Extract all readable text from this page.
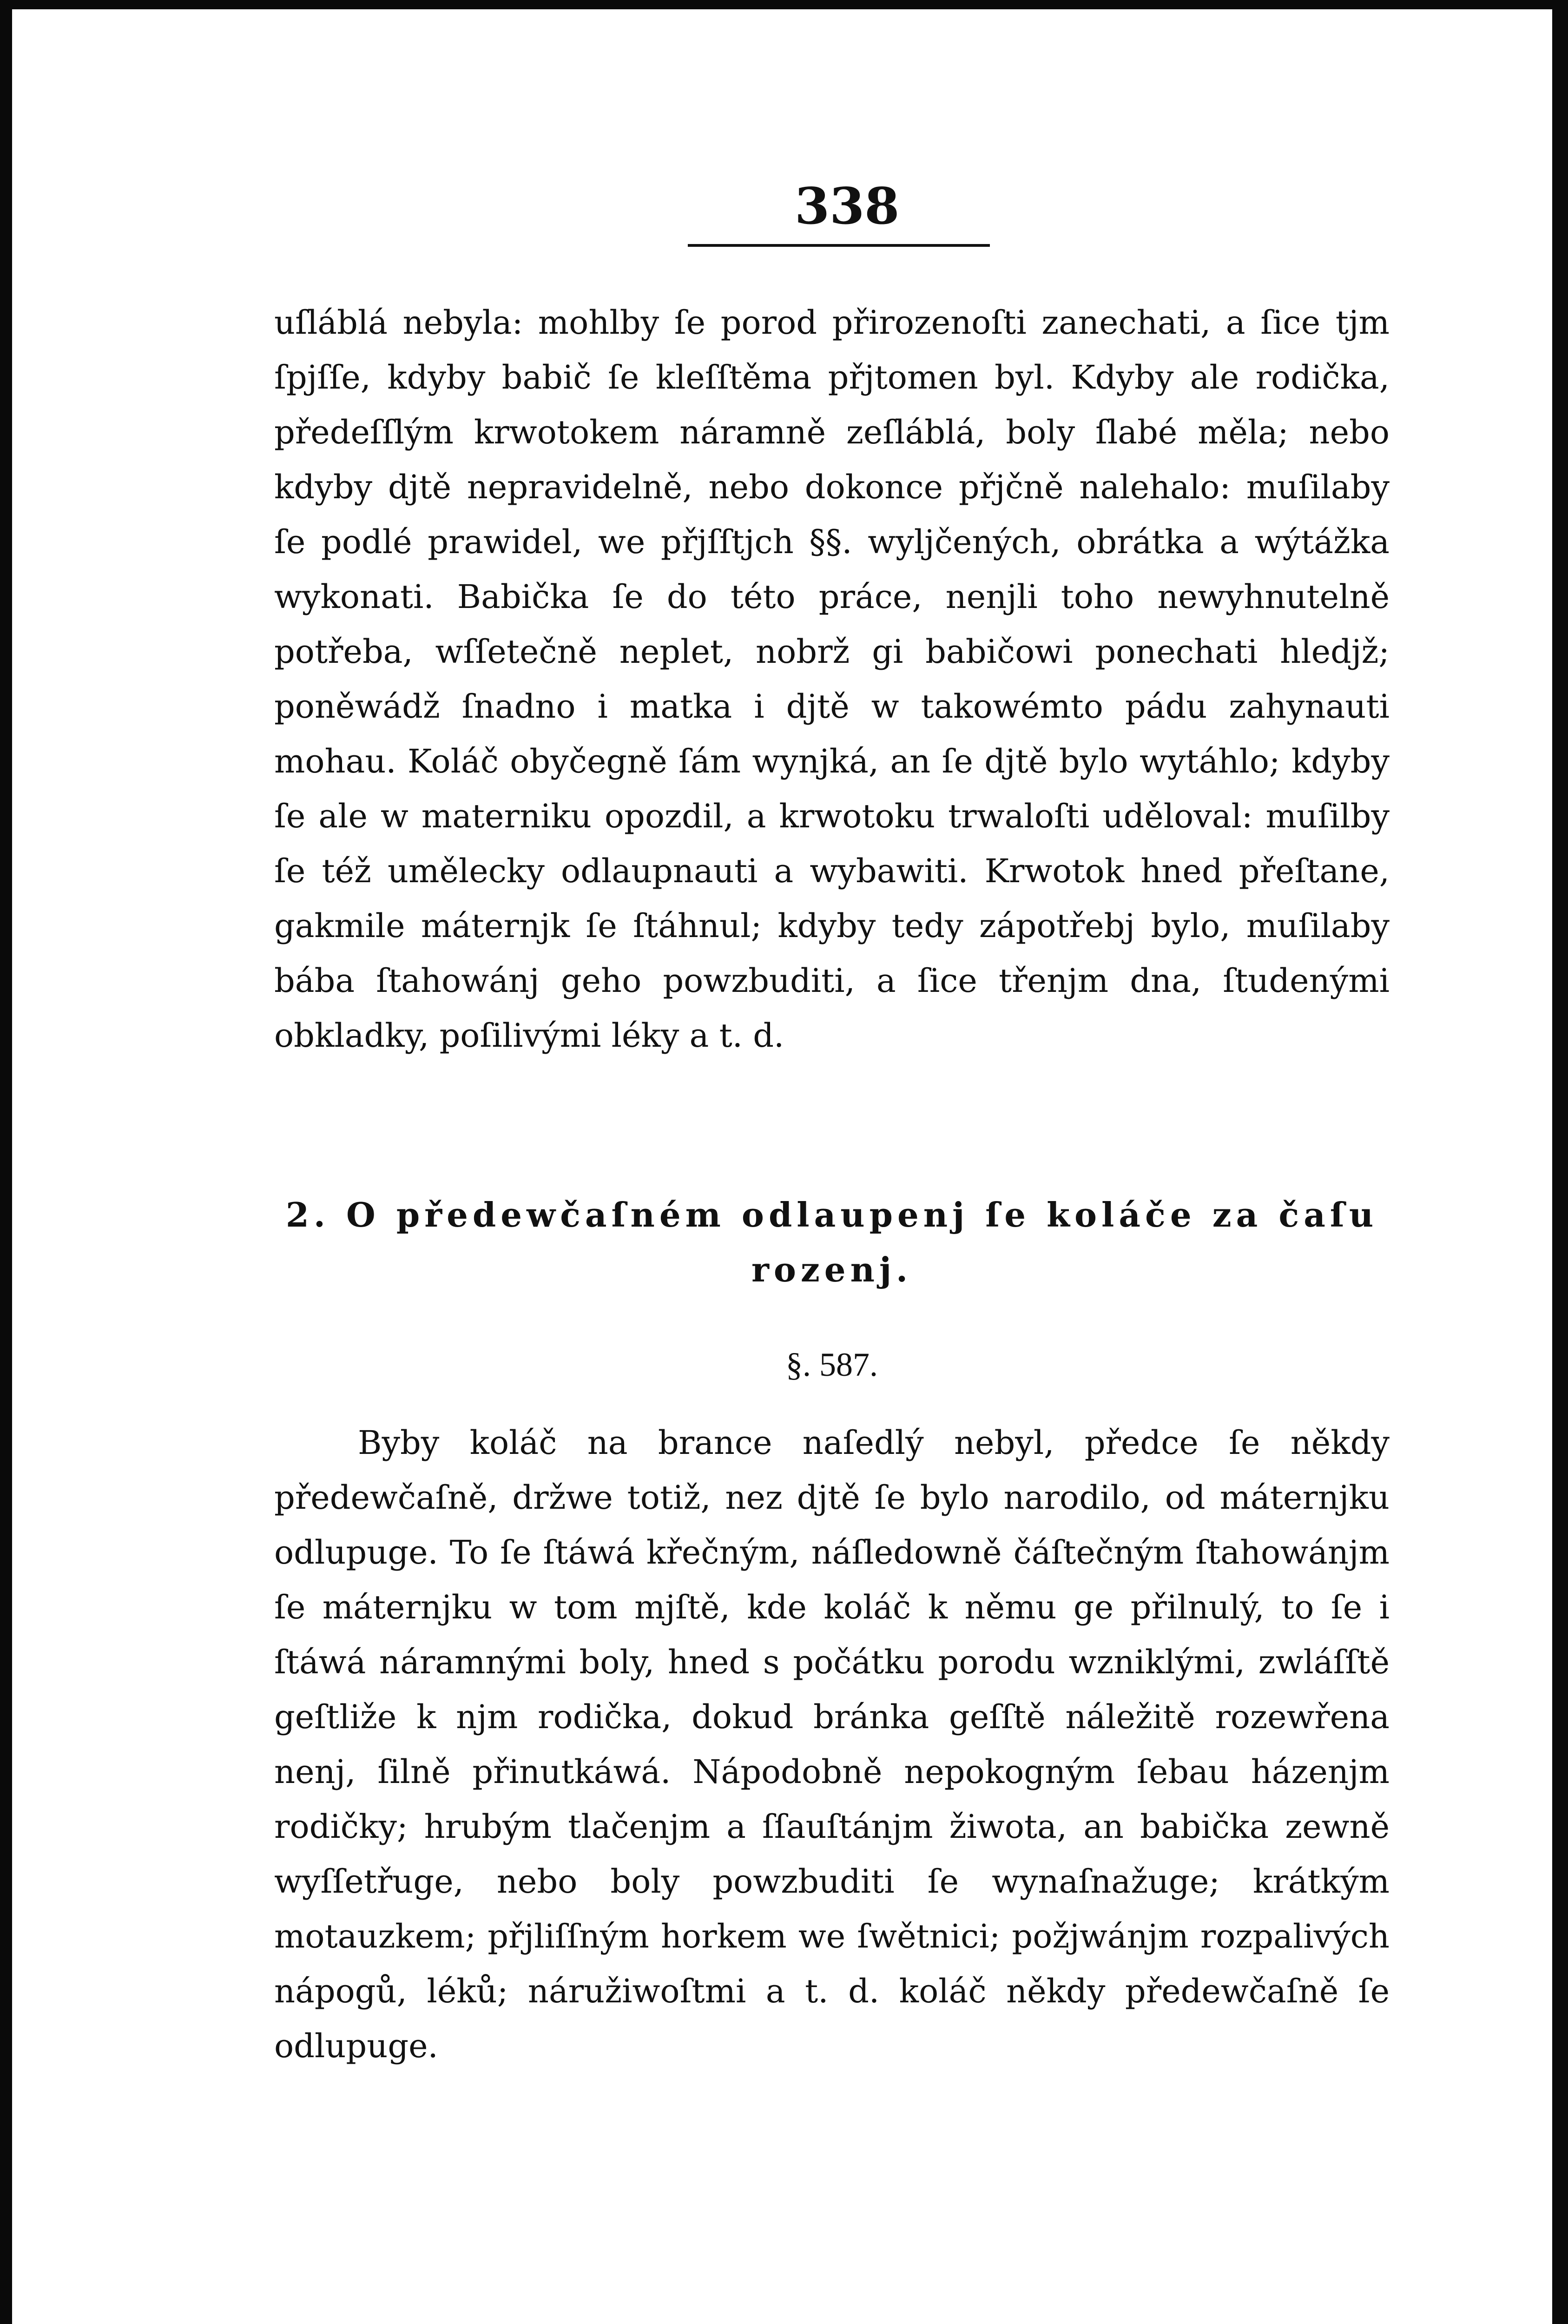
338

uſláblá nebyla: mohlby ſe porod přirozenoſti zanechati, a ſice tjm ſpjſſe, kdyby babič ſe kleſſtěma přjtomen byl. Kdyby ale rodička, předeſſlým krwotokem náramně zeſláblá, boly ſlabé měla; nebo kdyby djtě nepravidelně, nebo dokonce přjčně nalehalo: muſilaby ſe podlé prawidel, we přjſſtjch §§. wyljčených, obrátka a wýtážka wykonati. Babička ſe do této práce, nenjli toho newyhnutelně potřeba, wſſetečně neplet, nobrž gi babičowi ponechati hledjž; poněwádž ſnadno i matka i djtě w takowémto pádu zahynauti mohau. Koláč obyčegně ſám wynjká, an ſe djtě bylo wytáhlo; kdyby ſe ale w materniku opozdil, a krwotoku trwaloſti uděloval: muſilby ſe též umělecky odlaupnauti a wybawiti. Krwotok hned přeſtane, gakmile máternjk ſe ſtáhnul; kdyby tedy zápotřebj bylo, muſilaby bába ſtahowánj geho powzbuditi, a ſice třenjm dna, ſtudenými obkladky, poſilivými léky a t. d.

2. O předewčaſném odlaupenj ſe koláče za čaſu rozenj.
§. 587.
Byby koláč na brance naſedlý nebyl, předce ſe někdy předewčaſně, držwe totiž, nez djtě ſe bylo narodilo, od máternjku odlupuge. To ſe ſtáwá křečným, náſledowně čáſtečným ſtahowánjm ſe máternjku w tom mjſtě, kde koláč k němu ge přilnulý, to ſe i ſtáwá náramnými boly, hned s počátku porodu wzniklými, zwláſſtě geſtliže k njm rodička, dokud bránka geſſtě náležitě rozewřena nenj, ſilně přinutkáwá. Nápodobně nepokogným ſebau házenjm rodičky; hrubým tlačenjm a ſſauſtánjm žiwota, an babička zewně wyſſetřuge, nebo boly powzbuditi ſe wynaſnažuge; krátkým motauzkem; přjliſſným horkem we ſwětnici; požjwánjm rozpalivých nápogů, léků; náružiwoſtmi a t. d. koláč někdy předewčaſně ſe odlupuge.
